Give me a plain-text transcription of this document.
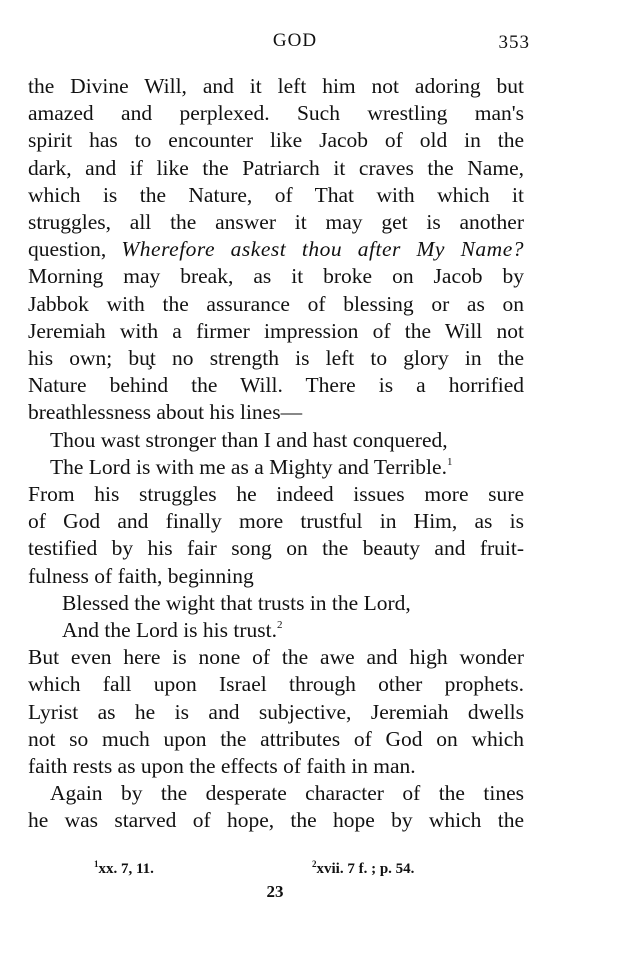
GOD	353
the Divine Will, and it left him not adoring but
amazed and perplexed. Such wrestling man's
spirit has to encounter like Jacob of old in the
dark, and if like the Patriarch it craves the Name,
which is the Nature, of That with which it
struggles, all the answer it may get is another
question, Wherefore askest thou after My Name?
Morning may break, as it broke on Jacob by
Jabbok with the assurance of blessing or as on
Jeremiah with a firmer impression of the Will not
his own; bu̧t no strength is left to glory in the
Nature behind the Will. There is a horrified
breathlessness about his lines—
Thou wast stronger than I and hast conquered,
The Lord is with me as a Mighty and Terrible.$^1$
From his struggles he indeed issues more sure
of God and finally more trustful in Him, as is
testified by his fair song on the beauty and fruit-
fulness of faith, beginning
Blessed the wight that trusts in the Lord,
And the Lord is his trust.$^2$
But even here is none of the awe and high wonder
which fall upon Israel through other prophets.
Lyrist as he is and subjective, Jeremiah dwells
not so much upon the attributes of God on which
faith rests as upon the effects of faith in man.
Again by the desperate character of the tines
he was starved of hope, the hope by which the
$^1$xx. 7, 11.	$^2$xvii. 7 f. ; p. 54.
23
